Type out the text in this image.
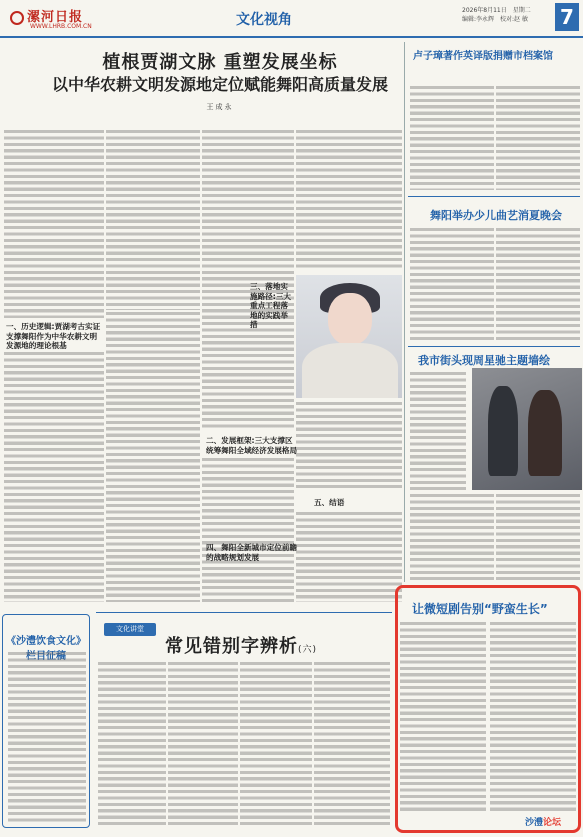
漯河日报
WWW.LHRB.COM.CN	文化视角
2026年8月11日 星期二
编辑:李永辉 校对:赵 敏	7
植根贾湖文脉 重塑发展坐标
以中华农耕文明发源地定位赋能舞阳高质量发展
王成永
一、历史逻辑:贾湖考古实证支撑舞阳作为中华农耕文明发源地的理论根基
二、发展框架:三大支撑区统筹舞阳全域经济发展格局
三、落地实施路径:三大重点工程落地的实践举措
四、舞阳全新城市定位前瞻的战略规划发展
五、结语
卢子璋著作英译版捐赠市档案馆
舞阳举办少儿曲艺消夏晚会
我市街头现周星驰主题墙绘
让微短剧告别“野蛮生长”
沙澧论坛
《沙澧饮食文化》栏目征稿
文化讲堂
常见错别字辨析(六)
